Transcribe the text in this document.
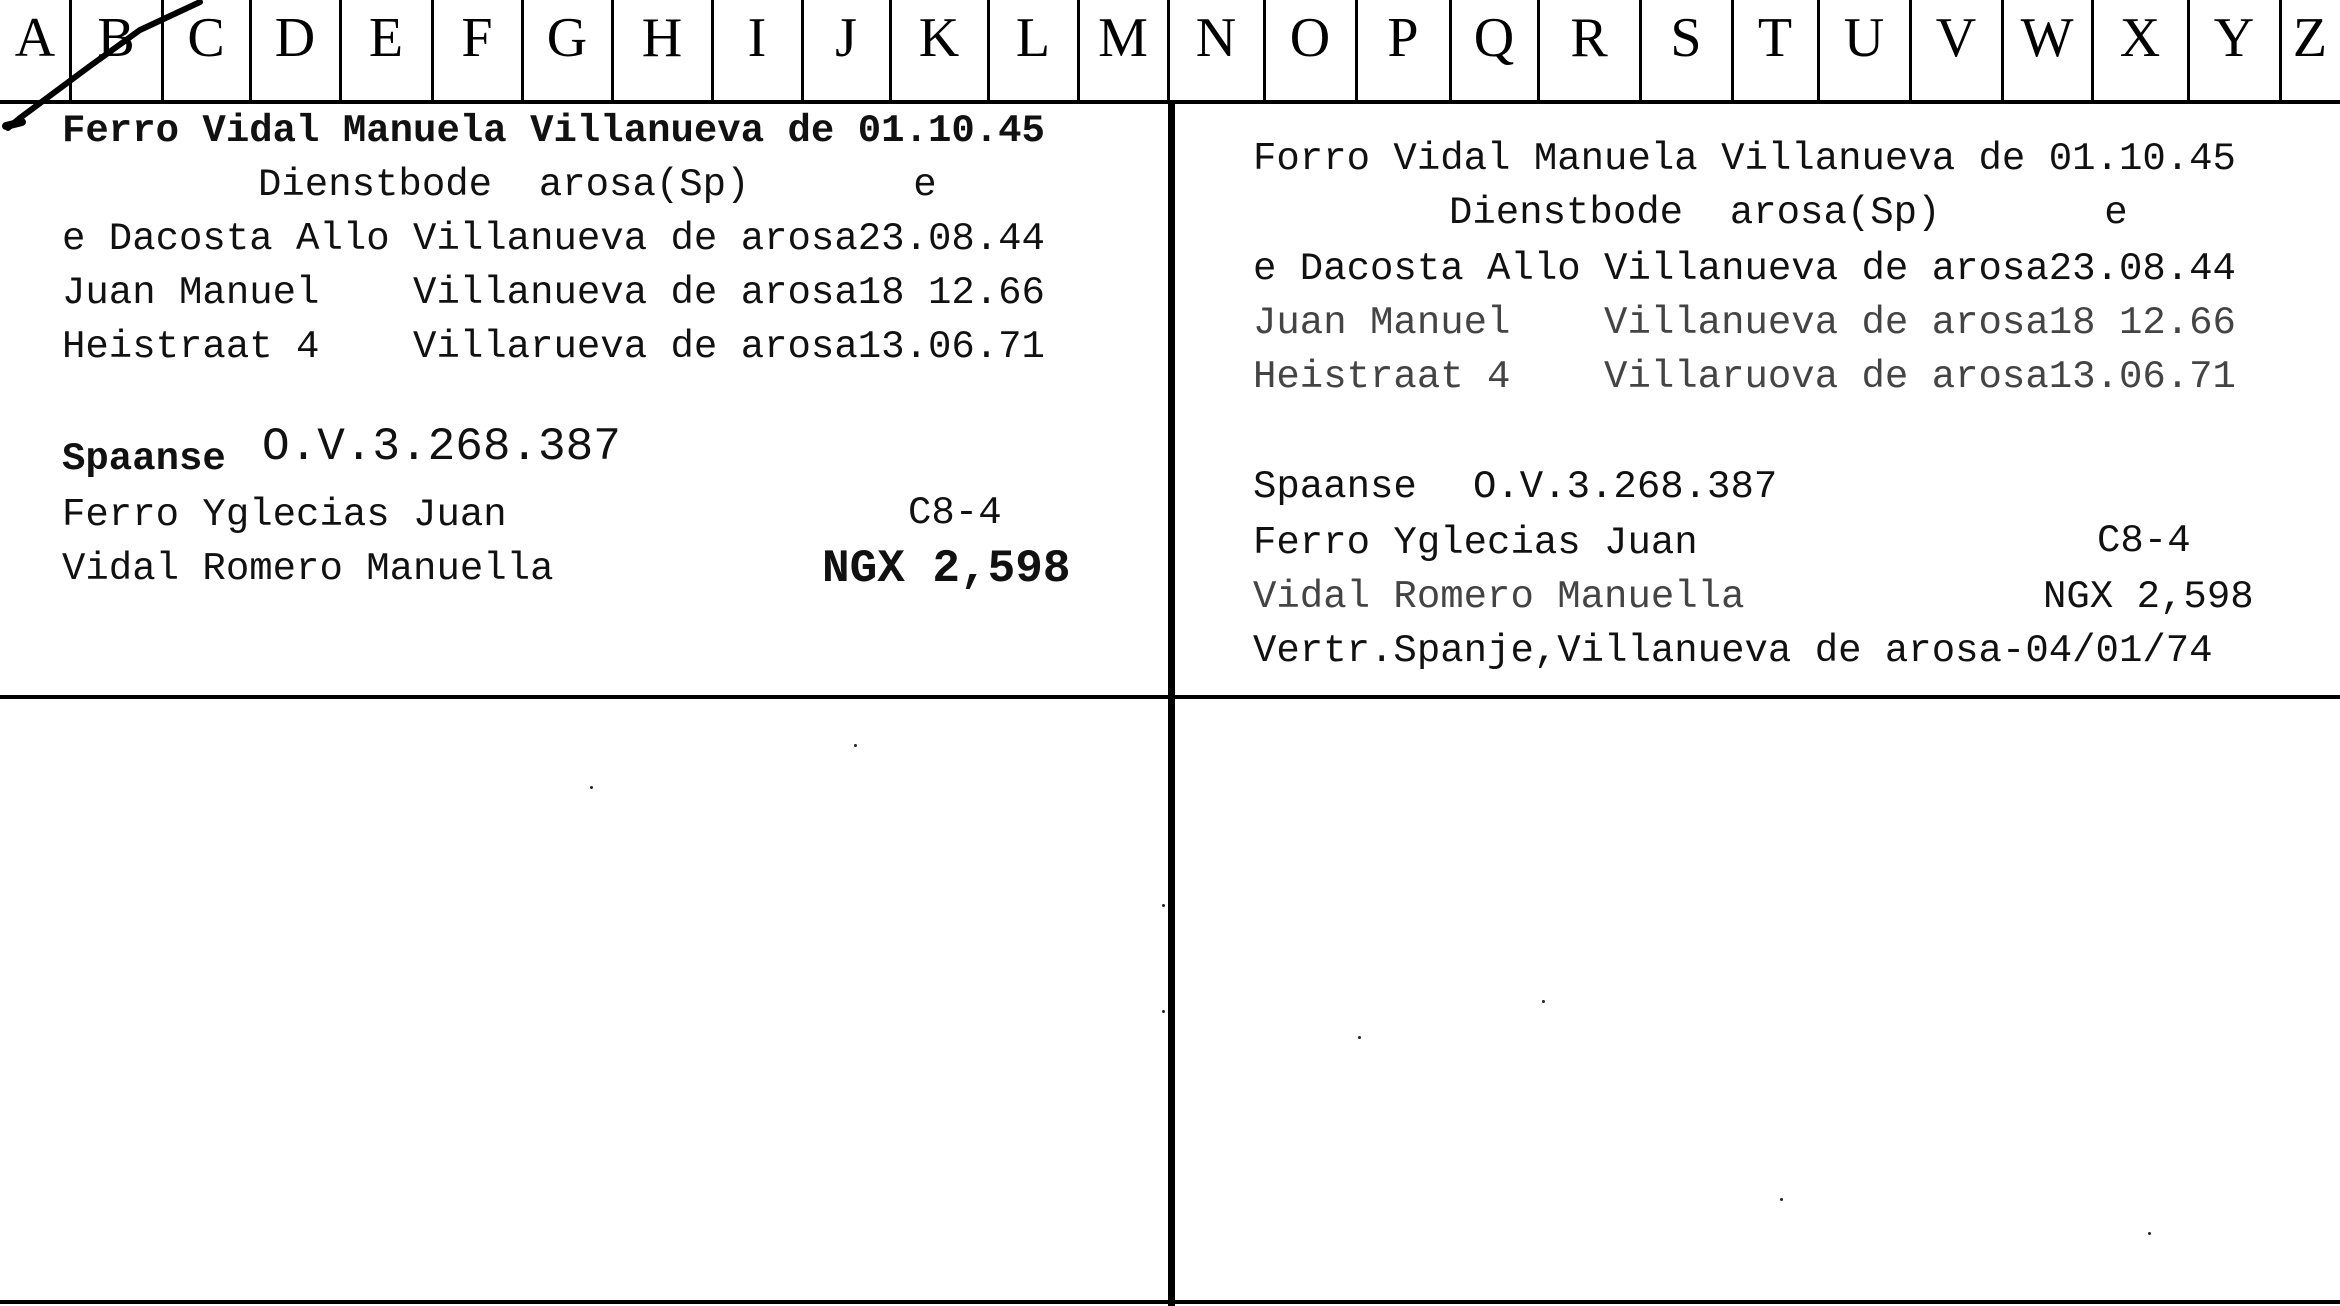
A B C D E	F G H	I	J	K	L M N O	P Q	R	S	T U V W X Y Z
Ferro Vidal Manuela Villanueva de 01.10.45
Dienstbode  arosa(Sp)       e
e Dacosta Allo Villanueva de arosa23.08.44
Juan Manuel    Villanueva de arosa18 12.66
Heistraat 4    Villarueva de arosa13.06.71
Spaanse O.V.3.268.387
Ferro Yglecias Juan	C8-4
Vidal Romero Manuella	NGX 2,598
Forro Vidal Manuela Villanueva de 01.10.45
Dienstbode  arosa(Sp)       e
e Dacosta Allo Villanueva de arosa23.08.44
Juan Manuel    Villanueva de arosa18 12.66
Heistraat 4    Villaruova de arosa13.06.71
Spaanse O.V.3.268.387
Ferro Yglecias Juan	C8-4
Vidal Romero Manuella	NGX 2,598
Vertr.Spanje,Villanueva de arosa-04/01/74
